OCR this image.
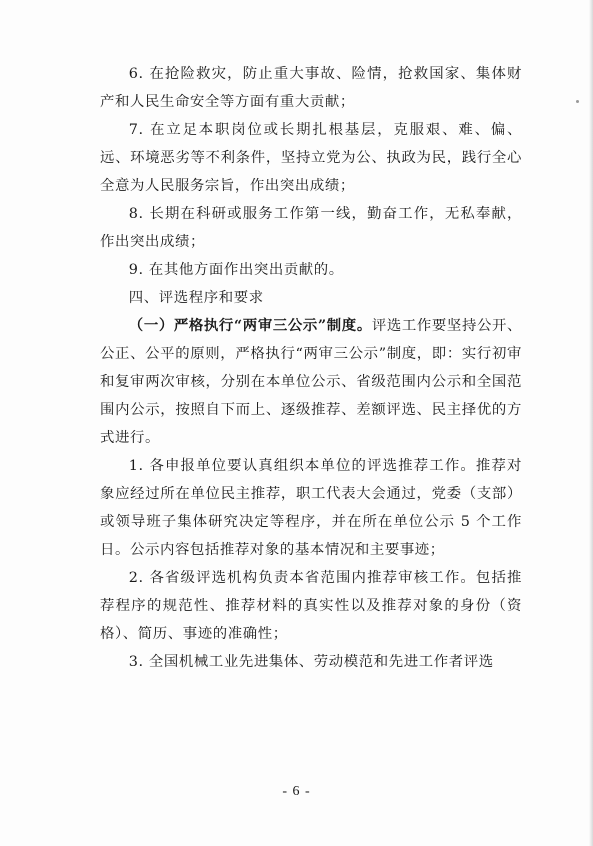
6. 在抢险救灾，防止重大事故、险情，抢救国家、集体财产和人民生命安全等方面有重大贡献；

7. 在立足本职岗位或长期扎根基层，克服艰、难、偏、远、环境恶劣等不利条件，坚持立党为公、执政为民，践行全心全意为人民服务宗旨，作出突出成绩；

8. 长期在科研或服务工作第一线，勤奋工作，无私奉献，作出突出成绩；

9. 在其他方面作出突出贡献的。

四、评选程序和要求

（一）严格执行“两审三公示”制度。评选工作要坚持公开、公正、公平的原则，严格执行“两审三公示”制度，即：实行初审和复审两次审核，分别在本单位公示、省级范围内公示和全国范围内公示，按照自下而上、逐级推荐、差额评选、民主择优的方式进行。

1. 各申报单位要认真组织本单位的评选推荐工作。推荐对象应经过所在单位民主推荐，职工代表大会通过，党委（支部）或领导班子集体研究决定等程序，并在所在单位公示 5 个工作日。公示内容包括推荐对象的基本情况和主要事迹；

2. 各省级评选机构负责本省范围内推荐审核工作。包括推荐程序的规范性、推荐材料的真实性以及推荐对象的身份（资格）、简历、事迹的准确性；

3. 全国机械工业先进集体、劳动模范和先进工作者评选

- 6 -
